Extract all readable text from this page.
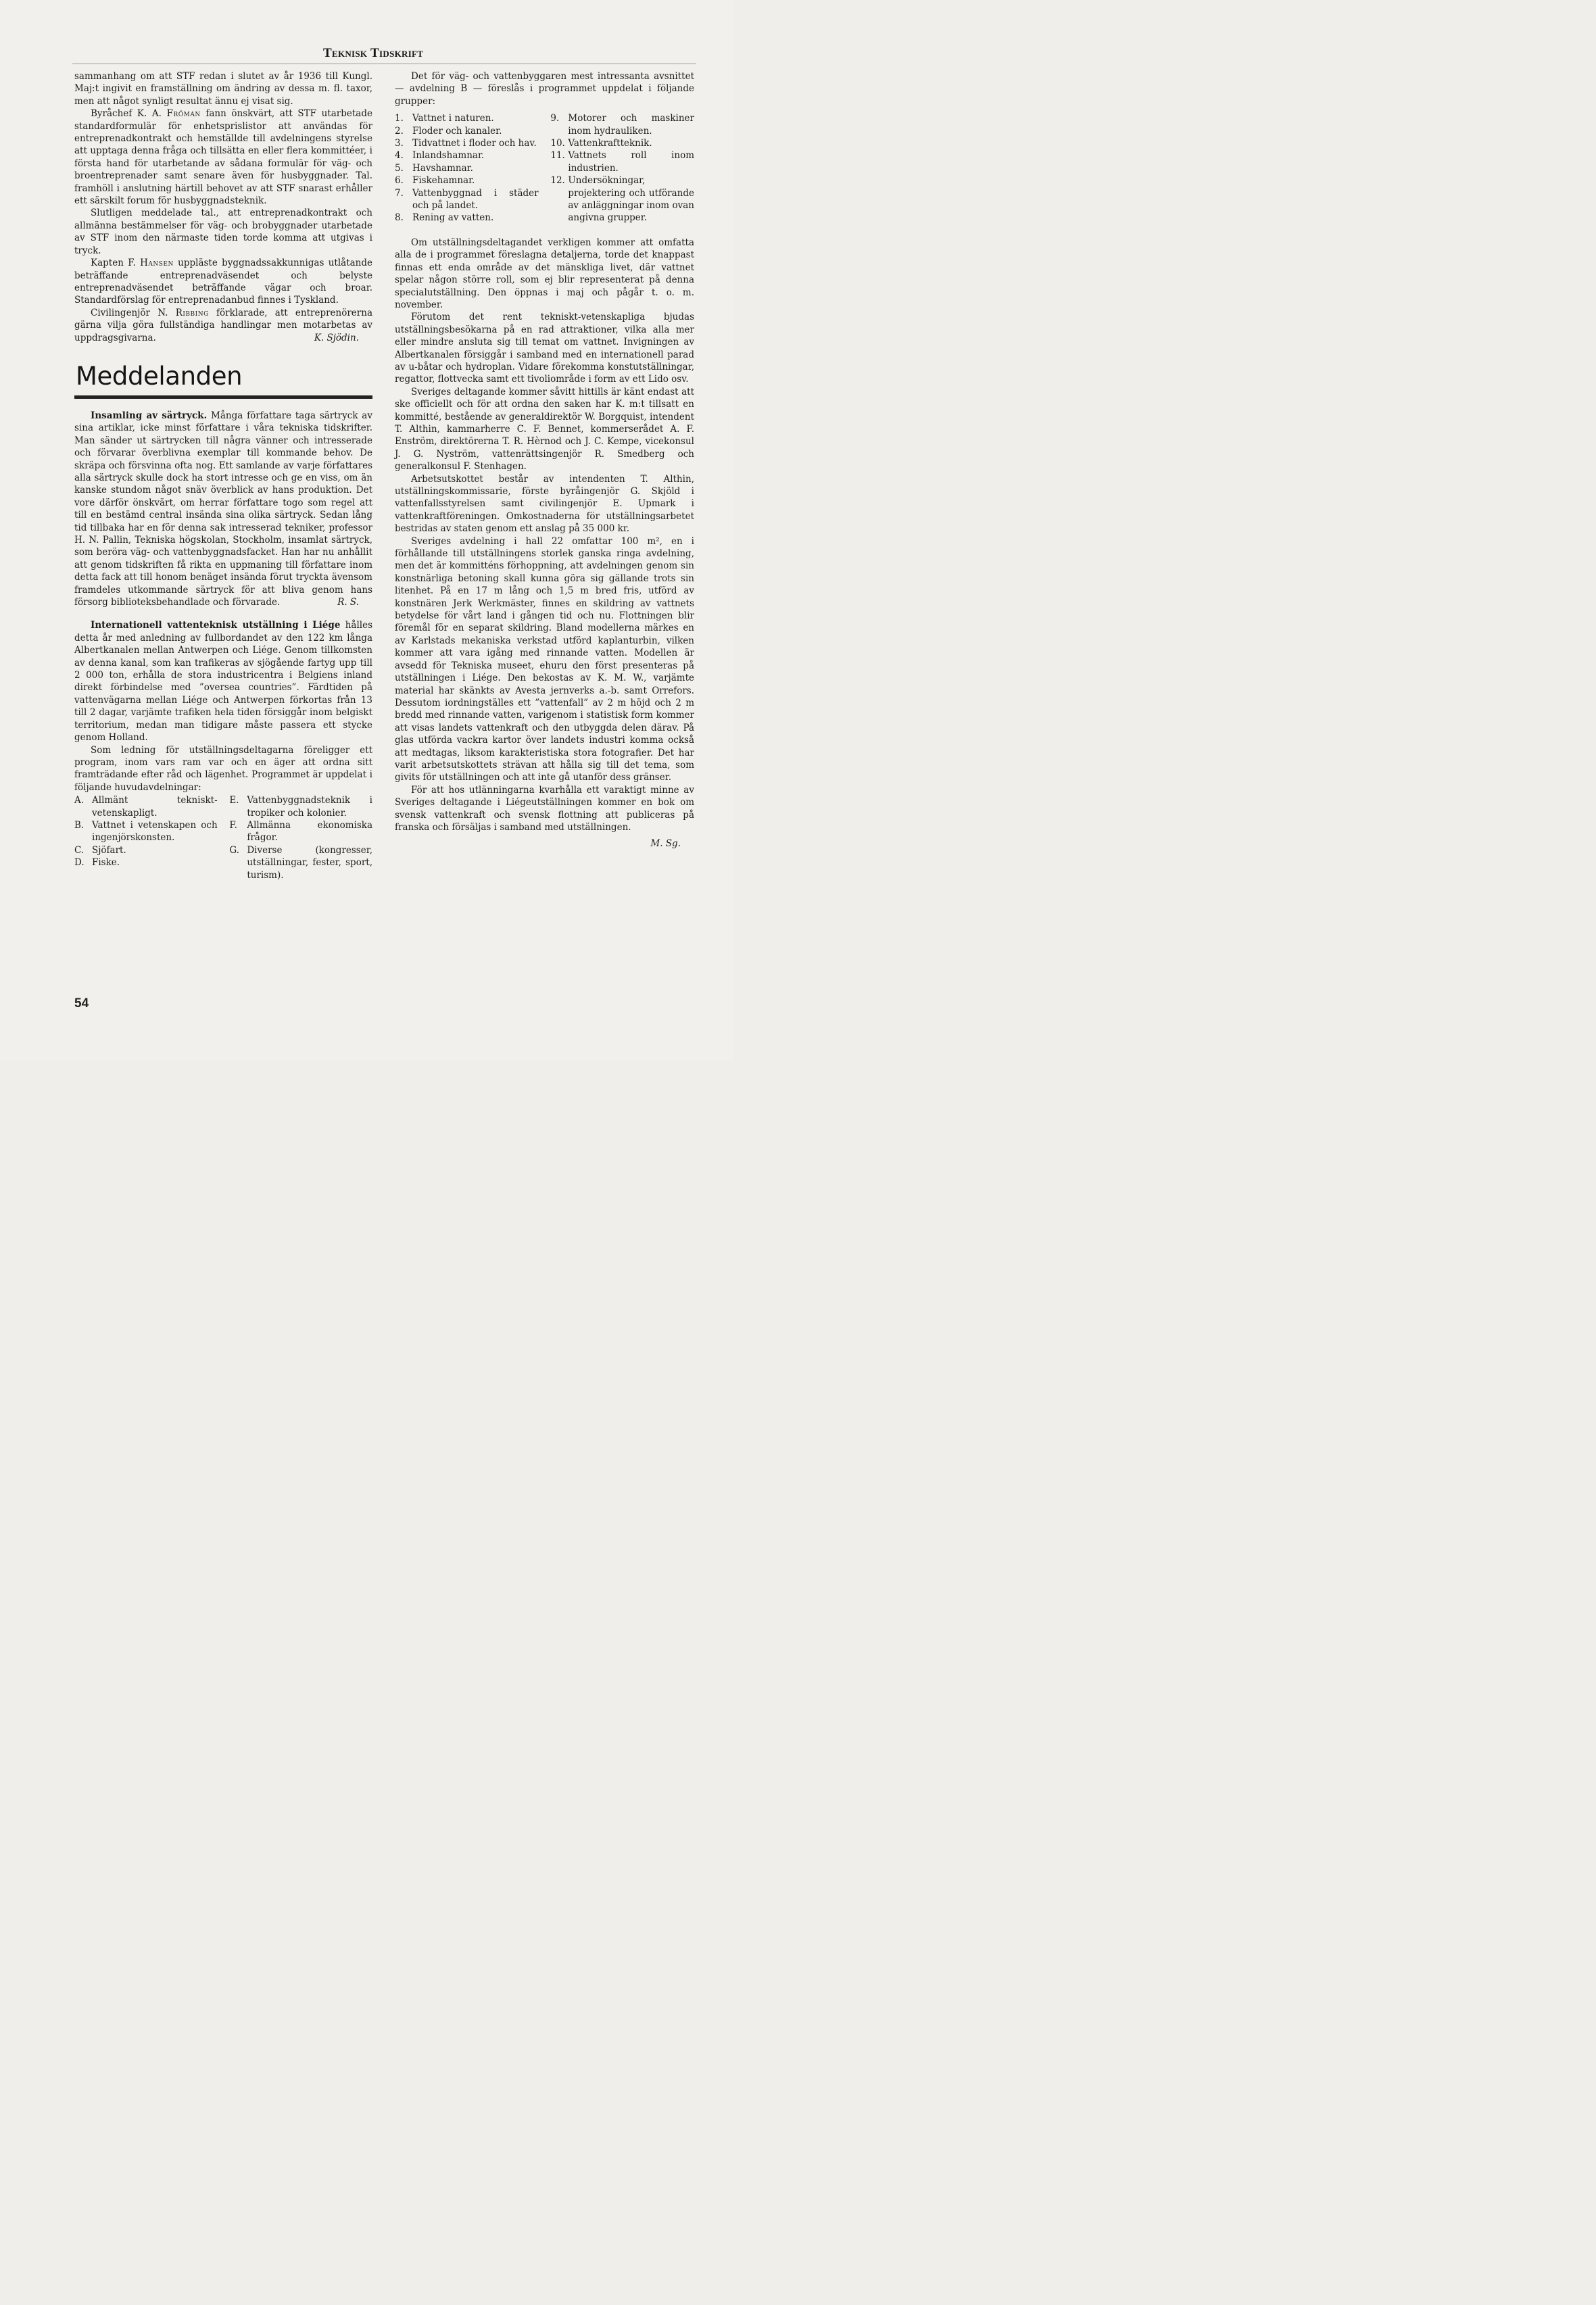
Teknisk Tidskrift

sammanhang om att STF redan i slutet av år 1936 till Kungl. Maj:t ingivit en framställning om ändring av dessa m. fl. taxor, men att något synligt resultat ännu ej visat sig.

Byråchef K. A. Fröman fann önskvärt, att STF utarbetade standardformulär för enhetsprislistor att användas för entreprenadkontrakt och hemställde till avdelningens styrelse att upptaga denna fråga och tillsätta en eller flera kommittéer, i första hand för utarbetande av sådana formulär för väg- och broentreprenader samt senare även för husbyggnader. Tal. framhöll i anslutning härtill behovet av att STF snarast erhåller ett särskilt forum för husbyggnadsteknik.

Slutligen meddelade tal., att entreprenadkontrakt och allmänna bestämmelser för väg- och brobyggnader utarbetade av STF inom den närmaste tiden torde komma att utgivas i tryck.

Kapten F. Hansen uppläste byggnadssakkunnigas utlåtande beträffande entreprenadväsendet och belyste entreprenadväsendet beträffande vägar och broar. Standardförslag för entreprenadanbud finnes i Tyskland.

Civilingenjör N. Ribbing förklarade, att entreprenörerna gärna vilja göra fullständiga handlingar men motarbetas av uppdragsgivarna.	K. Sjödin.

Meddelanden

Insamling av särtryck. Många författare taga särtryck av sina artiklar, icke minst författare i våra tekniska tidskrifter. Man sänder ut särtrycken till några vänner och intresserade och förvarar överblivna exemplar till kommande behov. De skräpa och försvinna ofta nog. Ett samlande av varje författares alla särtryck skulle dock ha stort intresse och ge en viss, om än kanske stundom något snäv överblick av hans produktion. Det vore därför önskvärt, om herrar författare togo som regel att till en bestämd central insända sina olika särtryck. Sedan lång tid tillbaka har en för denna sak intresserad tekniker, professor H. N. Pallin, Tekniska högskolan, Stockholm, insamlat särtryck, som beröra väg- och vattenbyggnadsfacket. Han har nu anhållit att genom tidskriften få rikta en uppmaning till författare inom detta fack att till honom benäget insända förut tryckta ävensom framdeles utkommande särtryck för att bliva genom hans försorg biblioteksbehandlade och förvarade.	R. S.

Internationell vattenteknisk utställning i Liége hålles detta år med anledning av fullbordandet av den 122 km långa Albertkanalen mellan Antwerpen och Liége. Genom tillkomsten av denna kanal, som kan trafikeras av sjögående fartyg upp till 2 000 ton, erhålla de stora industricentra i Belgiens inland direkt förbindelse med ”oversea countries”. Färdtiden på vattenvägarna mellan Liége och Antwerpen förkortas från 13 till 2 dagar, varjämte trafiken hela tiden försiggår inom belgiskt territorium, medan man tidigare måste passera ett stycke genom Holland.

Som ledning för utställningsdeltagarna föreligger ett program, inom vars ram var och en äger att ordna sitt framträdande efter råd och lägenhet. Programmet är uppdelat i följande huvudavdelningar:

A. Allmänt tekniskt-vetenskapligt.
B. Vattnet i vetenskapen och ingenjörskonsten.
C. Sjöfart.
D. Fiske.
E. Vattenbyggnadsteknik i tropiker och kolonier.
F.	Allmänna ekonomiska frågor.
G. Diverse (kongresser, utställningar, fester, sport, turism).

Det för väg- och vattenbyggaren mest intressanta avsnittet — avdelning B — föreslås i programmet uppdelat i följande grupper:

1. Vattnet i naturen.
2. Floder och kanaler.
3. Tidvattnet i floder och hav.
4. Inlandshamnar.
5. Havshamnar.
6. Fiskehamnar.
7. Vattenbyggnad i städer och på landet.
8. Rening av vatten.
9. Motorer och maskiner inom hydrauliken.
10. Vattenkraftteknik.
11. Vattnets roll inom industrien.
12. Undersökningar, projektering och utförande av anläggningar inom ovan angivna grupper.

Om utställningsdeltagandet verkligen kommer att omfatta alla de i programmet föreslagna detaljerna, torde det knappast finnas ett enda område av det mänskliga livet, där vattnet spelar någon större roll, som ej blir representerat på denna specialutställning. Den öppnas i maj och pågår t. o. m. november.

Förutom det rent tekniskt-vetenskapliga bjudas utställningsbesökarna på en rad attraktioner, vilka alla mer eller mindre ansluta sig till temat om vattnet. Invigningen av Albertkanalen försiggår i samband med en internationell parad av u-båtar och hydroplan. Vidare förekomma konstutställningar, regattor, flottvecka samt ett tivoliområde i form av ett Lido osv.

Sveriges deltagande kommer såvitt hittills är känt endast att ske officiellt och för att ordna den saken har K. m:t tillsatt en kommitté, bestående av generaldirektör W. Borgquist, intendent T. Althin, kammarherre C. F. Bennet, kommerserådet A. F. Enström, direktörerna T. R. Hèrnod och J. C. Kempe, vicekonsul J. G. Nyström, vattenrättsingenjör R. Smedberg och generalkonsul F. Stenhagen.

Arbetsutskottet består av intendenten T. Althin, utställningskommissarie, förste byråingenjör G. Skjöld i vattenfallsstyrelsen samt civilingenjör E. Upmark i vattenkraftföreningen. Omkostnaderna för utställningsarbetet bestridas av staten genom ett anslag på 35 000 kr.

Sveriges avdelning i hall 22 omfattar 100 m², en i förhållande till utställningens storlek ganska ringa avdelning, men det är kommitténs förhoppning, att avdelningen genom sin konstnärliga betoning skall kunna göra sig gällande trots sin litenhet. På en 17 m lång och 1,5 m bred fris, utförd av konstnären Jerk Werkmäster, finnes en skildring av vattnets betydelse för vårt land i gången tid och nu. Flottningen blir föremål för en separat skildring. Bland modellerna märkes en av Karlstads mekaniska verkstad utförd kaplanturbin, vilken kommer att vara igång med rinnande vatten. Modellen är avsedd för Tekniska museet, ehuru den först presenteras på utställningen i Liége. Den bekostas av K. M. W., varjämte material har skänkts av Avesta jernverks a.-b. samt Orrefors. Dessutom iordningställes ett ”vattenfall” av 2 m höjd och 2 m bredd med rinnande vatten, varigenom i statistisk form kommer att visas landets vattenkraft och den utbyggda delen därav. På glas utförda vackra kartor över landets industri komma också att medtagas, liksom karakteristiska stora fotografier. Det har varit arbetsutskottets strävan att hålla sig till det tema, som givits för utställningen och att inte gå utanför dess gränser.

För att hos utlänningarna kvarhålla ett varaktigt minne av Sveriges deltagande i Liégeutställningen kommer en bok om svensk vattenkraft och svensk flottning att publiceras på franska och försäljas i samband med utställningen.

M. Sg.
54
